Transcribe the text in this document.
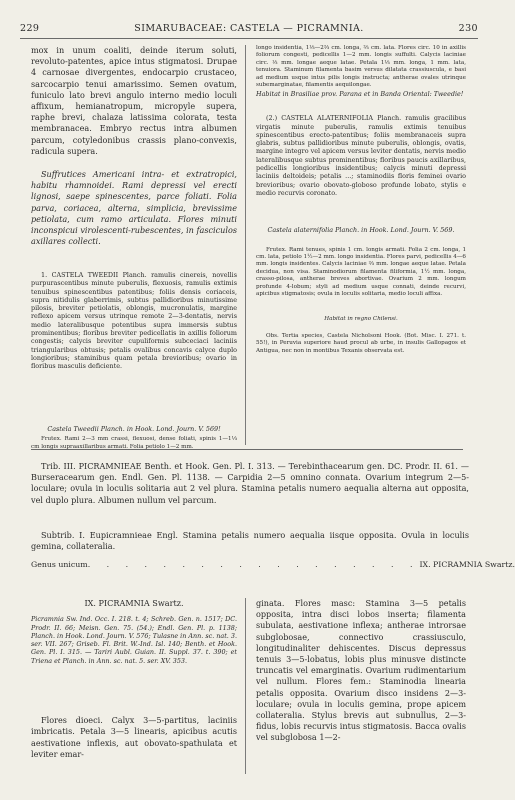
229	SIMARUBACEAE: CASTELA — PICRAMNIA.	230

mox in unum coaliti, deinde iterum soluti, revoluto-patentes, apice intus stigmatosi. Drupae 4 carnosae divergentes, endocarpio crustaceo, sarcocarpio tenui amarissimo. Semen ovatum, funiculo lato brevi angulo interno medio loculi affixum, hemianatropum, micropyle supera, raphe brevi, chalaza latissima colorata, testa membranacea. Embryo rectus intra albumen parcum, cotyledonibus crassis plano-convexis, radicula supera.

Suffrutices Americani intra- et extratropici, habitu rhamnoidei. Rami depressi vel erecti lignosi, saepe spinescentes, parce foliati. Folia parva, coriacea, alterna, simplicia, brevissime petiolata, cum ramo articulata. Flores minuti inconspicui virolescenti-rubescentes, in fasciculos axillares collecti.

1. CASTELA TWEEDII Planch. ramulis cinereis, novellis purpurascentibus minute puberulis, flexuosis, ramulis extimis tenuibus spinescentibus patentibus; foliis densis coriaceis, supra nitidulis glaberrimis, subtus pallidioribus minutissime pilosis, breviter petiolatis, oblongis, mucronulatis, margine reflexo apicem versus utrinque remote 2—3-dentatis, nervis medio lateralibusque potentibus supra immersis subtus prominentibus; floribus breviter pedicellatis in axillis foliorum congestis; calycis breviter cupuliformis subceciaci laciniis triangularibus obtusis; petalis ovalibus concavis calyce duplo longioribus; staminibus quam petala brevioribus; ovario in floribus masculis deficiente.

Castela Tweedii Planch. in Hook. Lond. Journ. V. 569!

Frutex. Rami 2—3 mm crassi, flexuosi, dense foliati, spinis 1—1⅓ cm longis supraaxillaribus armati. Folia petiolo 1—2 mm.

longo insidentia, 1⅓—2⅔ cm. longa, ⅔ cm. lata. Flores circ. 10 in axillis foliorum congesti, pedicellis 1—2 mm. longis suffulti. Calycis laciniae circ. ⅓ mm. longae aeque latae. Petala 1⅓ mm. longa, 1 mm. lata, tenuiora. Staminum filamenta basim versus dilatata crassiuscula, e basi ad medium usque intus pilis longis instructa; antherae ovales utrinque subemarginatae, filamentis aequilongae.

Habitat in Brasiliae prov. Parana et in Banda Oriental: Tweedie!

(2.) CASTELA ALATERNIFOLIA Planch. ramulis gracilibus virgatis minute puberulis, ramulis extimis tenuibus spinescentibus erecto-patentibus; foliis membranaceis supra glabris, subtus pallidioribus minute puberulis, oblongis, ovatis, margine integro vel apicem versus leviter dentatis, nervis medio lateralibusque subtus prominentibus; floribus paucis axillaribus, pedicellis longioribus insidentibus; calycis minuti depressi laciniis deltoideis; petalis ...; staminodiis floris feminei ovario brevioribus; ovario obovato-globoso profunde lobato, stylis e medio recurvis coronato.

Castela alaternifolia Planch. in Hook. Lond. Journ. V. 569.

Frutex. Rami tenues, spinis 1 cm. longis armati. Folia 2 cm. longa, 1 cm. lata, petiolo 1½—2 mm. longo insidentia. Flores parvi, pedicellis 4—6 mm. longis insidentes. Calycis laciniae ⅔ mm. longae aeque latae. Petala decidua, non visa. Staminodiorum filamenta filiformia, 1½ mm. longa, crasso-pilosa, antherae breves abortivae. Ovarium 2 mm. longum profunde 4-lobum; styli ad medium usque connati, deinde recurvi, apicibus stigmatosis; ovula in loculis solitaria, medio loculi affixa.

Habitat in regno Chilensi.

Obs. Tertia species, Castela Nicholsoni Hook. (Bot. Misc. I. 271. t. 55!), in Peruvia superiore haud procul ab urbe, in insulis Gallopagos et Antigua, nec non in montibus Texanis observata est.

Trib. III. PICRAMNIEAE Benth. et Hook. Gen. Pl. I. 313. — Terebinthacearum gen. DC. Prodr. II. 61. — Burseracearum gen. Endl. Gen. Pl. 1138. — Carpidia 2—5 omnino connata. Ovarium integrum 2—5-loculare; ovula in loculis solitaria aut 2 vel plura. Stamina petalis numero aequalia alterna aut opposita, vel duplo plura. Albumen nullum vel parcum.

Subtrib. I. Eupicramnieae Engl. Stamina petalis numero aequalia iisque opposita. Ovula in loculis gemina, collateralia.

Genus unicum . . . . . . . . . . . . . . . . . . IX. PICRAMNIA Swartz.

IX. PICRAMNIA Swartz.

Picramnia Sw. Ind. Occ. I. 218. t. 4; Schreb. Gen. n. 1517; DC. Prodr. II. 66; Meisn. Gen. 75. (54.); Endl. Gen. Pl. p. 1138; Planch. in Hook. Lond. Journ. V. 576; Tulasne in Ann. sc. nat. 3. ser. VII. 267; Griseb. Fl. Brit. W.-Ind. Isl. 140; Benth. et Hook. Gen. Pl. I. 315. — Tariri Aubl. Guian. II. Suppl. 37. t. 390; et Triena et Planch. in Ann. sc. nat. 5. ser. XV. 353.

Flores dioeci. Calyx 3—5-partitus, laciniis imbricatis. Petala 3—5 linearis, apicibus acutis aestivatione inflexis, aut obovato-spathulata et leviter emar-

ginata. Flores masc: Stamina 3—5 petalis opposita, intra disci lobos inserta; filamenta subulata, aestivatione inflexa; antherae introrsae subglobosae, connectivo crassiusculo, longitudinaliter dehiscentes. Discus depressus tenuis 3—5-lobatus, lobis plus minusve distincte truncatis vel emarginatis. Ovarium rudimentarium vel nullum. Flores fem.: Staminodia linearia petalis opposita. Ovarium disco insidens 2—3-loculare; ovula in loculis gemina, prope apicem collateralia. Stylus brevis aut subnullus, 2—3-fidus, lobis recurvis intus stigmatosis. Bacca ovalis vel subglobosa 1—2-
